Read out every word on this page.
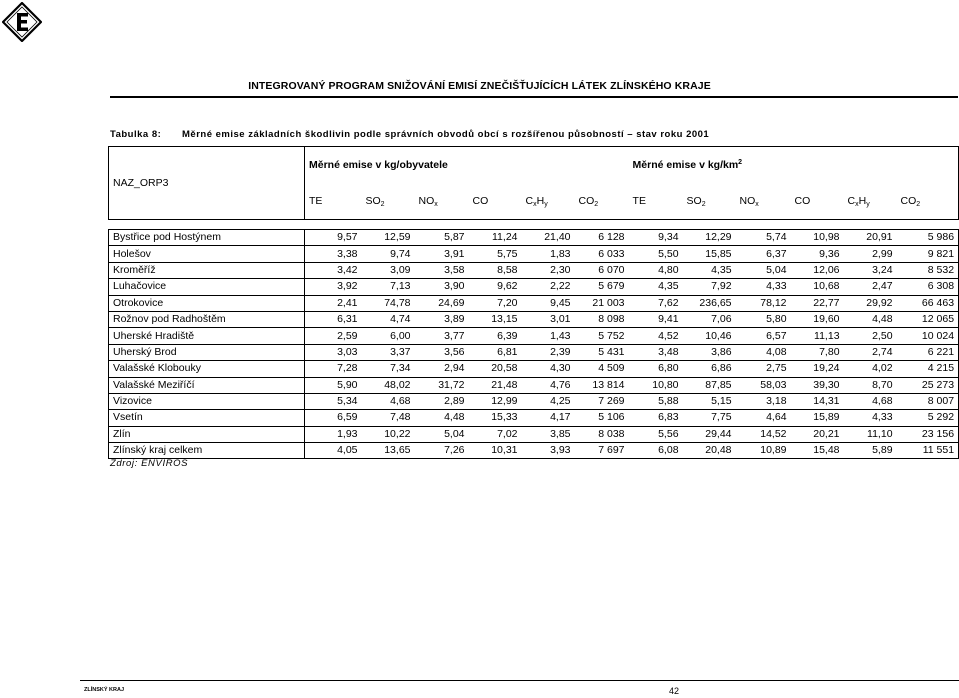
INTEGROVANÝ PROGRAM SNIŽOVÁNÍ EMISÍ ZNEČIŠŤUJÍCÍCH LÁTEK ZLÍNSKÉHO KRAJE
Tabulka 8: Měrné emise základních škodlivin podle správních obvodů obcí s rozšířenou působností – stav roku 2001
NAZ_ORP3	Měrné emise v kg/obyvatele						Měrné emise v $kg/km^2$
	TE	$SO_2$	$NO_x$	CO	$C_xH_y$	$CO_2$	TE	$SO_2$	$NO_x$	CO	$C_xH_y$	$CO_2$

Bystřice pod Hostýnem	9,57	12,59	5,87	11,24	21,40	6 128	9,34	12,29	5,74	10,98	20,91	5 986
Holešov	3,38	9,74	3,91	5,75	1,83	6 033	5,50	15,85	6,37	9,36	2,99	9 821
Kroměříž	3,42	3,09	3,58	8,58	2,30	6 070	4,80	4,35	5,04	12,06	3,24	8 532
Luhačovice	3,92	7,13	3,90	9,62	2,22	5 679	4,35	7,92	4,33	10,68	2,47	6 308
Otrokovice	2,41	74,78	24,69	7,20	9,45	21 003	7,62	236,65	78,12	22,77	29,92	66 463
Rožnov pod Radhoštěm	6,31	4,74	3,89	13,15	3,01	8 098	9,41	7,06	5,80	19,60	4,48	12 065
Uherské Hradiště	2,59	6,00	3,77	6,39	1,43	5 752	4,52	10,46	6,57	11,13	2,50	10 024
Uherský Brod	3,03	3,37	3,56	6,81	2,39	5 431	3,48	3,86	4,08	7,80	2,74	6 221
Valašské Klobouky	7,28	7,34	2,94	20,58	4,30	4 509	6,80	6,86	2,75	19,24	4,02	4 215
Valašské Meziříčí	5,90	48,02	31,72	21,48	4,76	13 814	10,80	87,85	58,03	39,30	8,70	25 273
Vizovice	5,34	4,68	2,89	12,99	4,25	7 269	5,88	5,15	3,18	14,31	4,68	8 007
Vsetín	6,59	7,48	4,48	15,33	4,17	5 106	6,83	7,75	4,64	15,89	4,33	5 292
Zlín	1,93	10,22	5,04	7,02	3,85	8 038	5,56	29,44	14,52	20,21	11,10	23 156
Zlínský kraj celkem	4,05	13,65	7,26	10,31	3,93	7 697	6,08	20,48	10,89	15,48	5,89	11 551
Zdroj: ENVIROS
ZLÍNSKÝ KRAJ	42
